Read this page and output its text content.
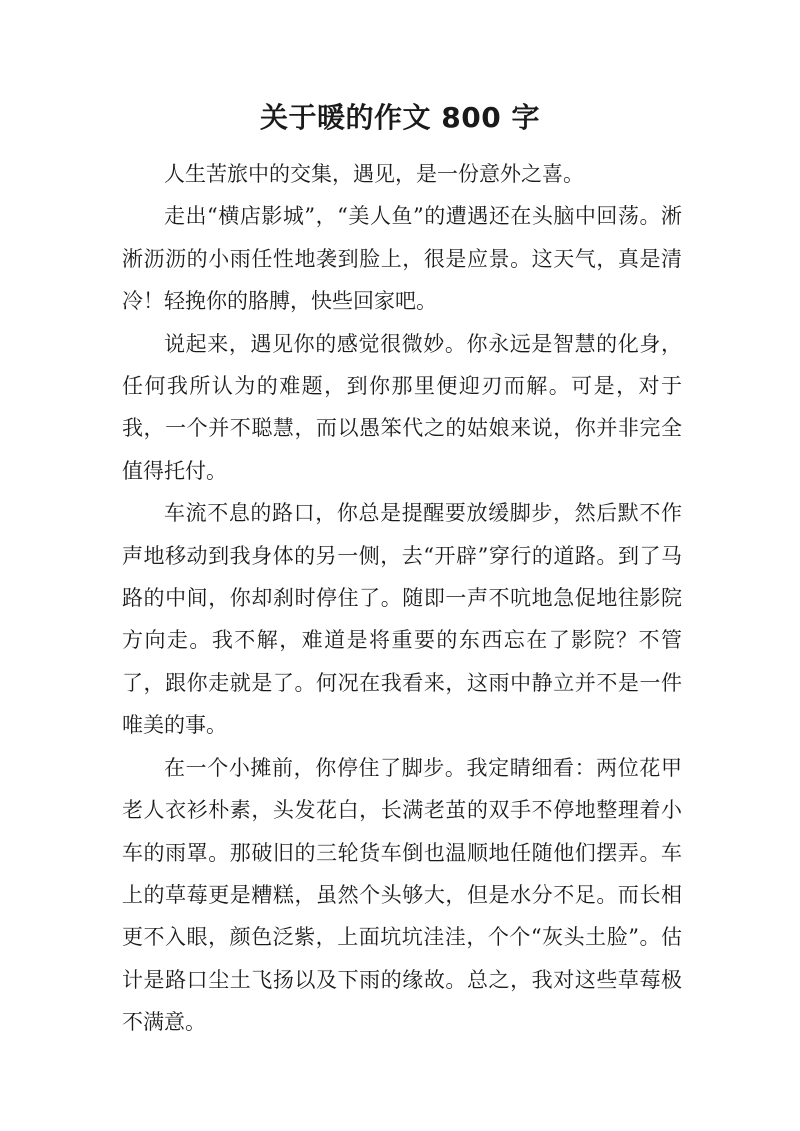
关于暖的作文 800 字

人生苦旅中的交集，遇见，是一份意外之喜。

走出“横店影城”，“美人鱼”的遭遇还在头脑中回荡。淅淅沥沥的小雨任性地袭到脸上，很是应景。这天气，真是清冷！轻挽你的胳膊，快些回家吧。

说起来，遇见你的感觉很微妙。你永远是智慧的化身，任何我所认为的难题，到你那里便迎刃而解。可是，对于我，一个并不聪慧，而以愚笨代之的姑娘来说，你并非完全值得托付。

车流不息的路口，你总是提醒要放缓脚步，然后默不作声地移动到我身体的另一侧，去“开辟”穿行的道路。到了马路的中间，你却刹时停住了。随即一声不吭地急促地往影院方向走。我不解，难道是将重要的东西忘在了影院？不管了，跟你走就是了。何况在我看来，这雨中静立并不是一件唯美的事。

在一个小摊前，你停住了脚步。我定睛细看：两位花甲老人衣衫朴素，头发花白，长满老茧的双手不停地整理着小车的雨罩。那破旧的三轮货车倒也温顺地任随他们摆弄。车上的草莓更是糟糕，虽然个头够大，但是水分不足。而长相更不入眼，颜色泛紫，上面坑坑洼洼，个个“灰头土脸”。估计是路口尘土飞扬以及下雨的缘故。总之，我对这些草莓极不满意。
